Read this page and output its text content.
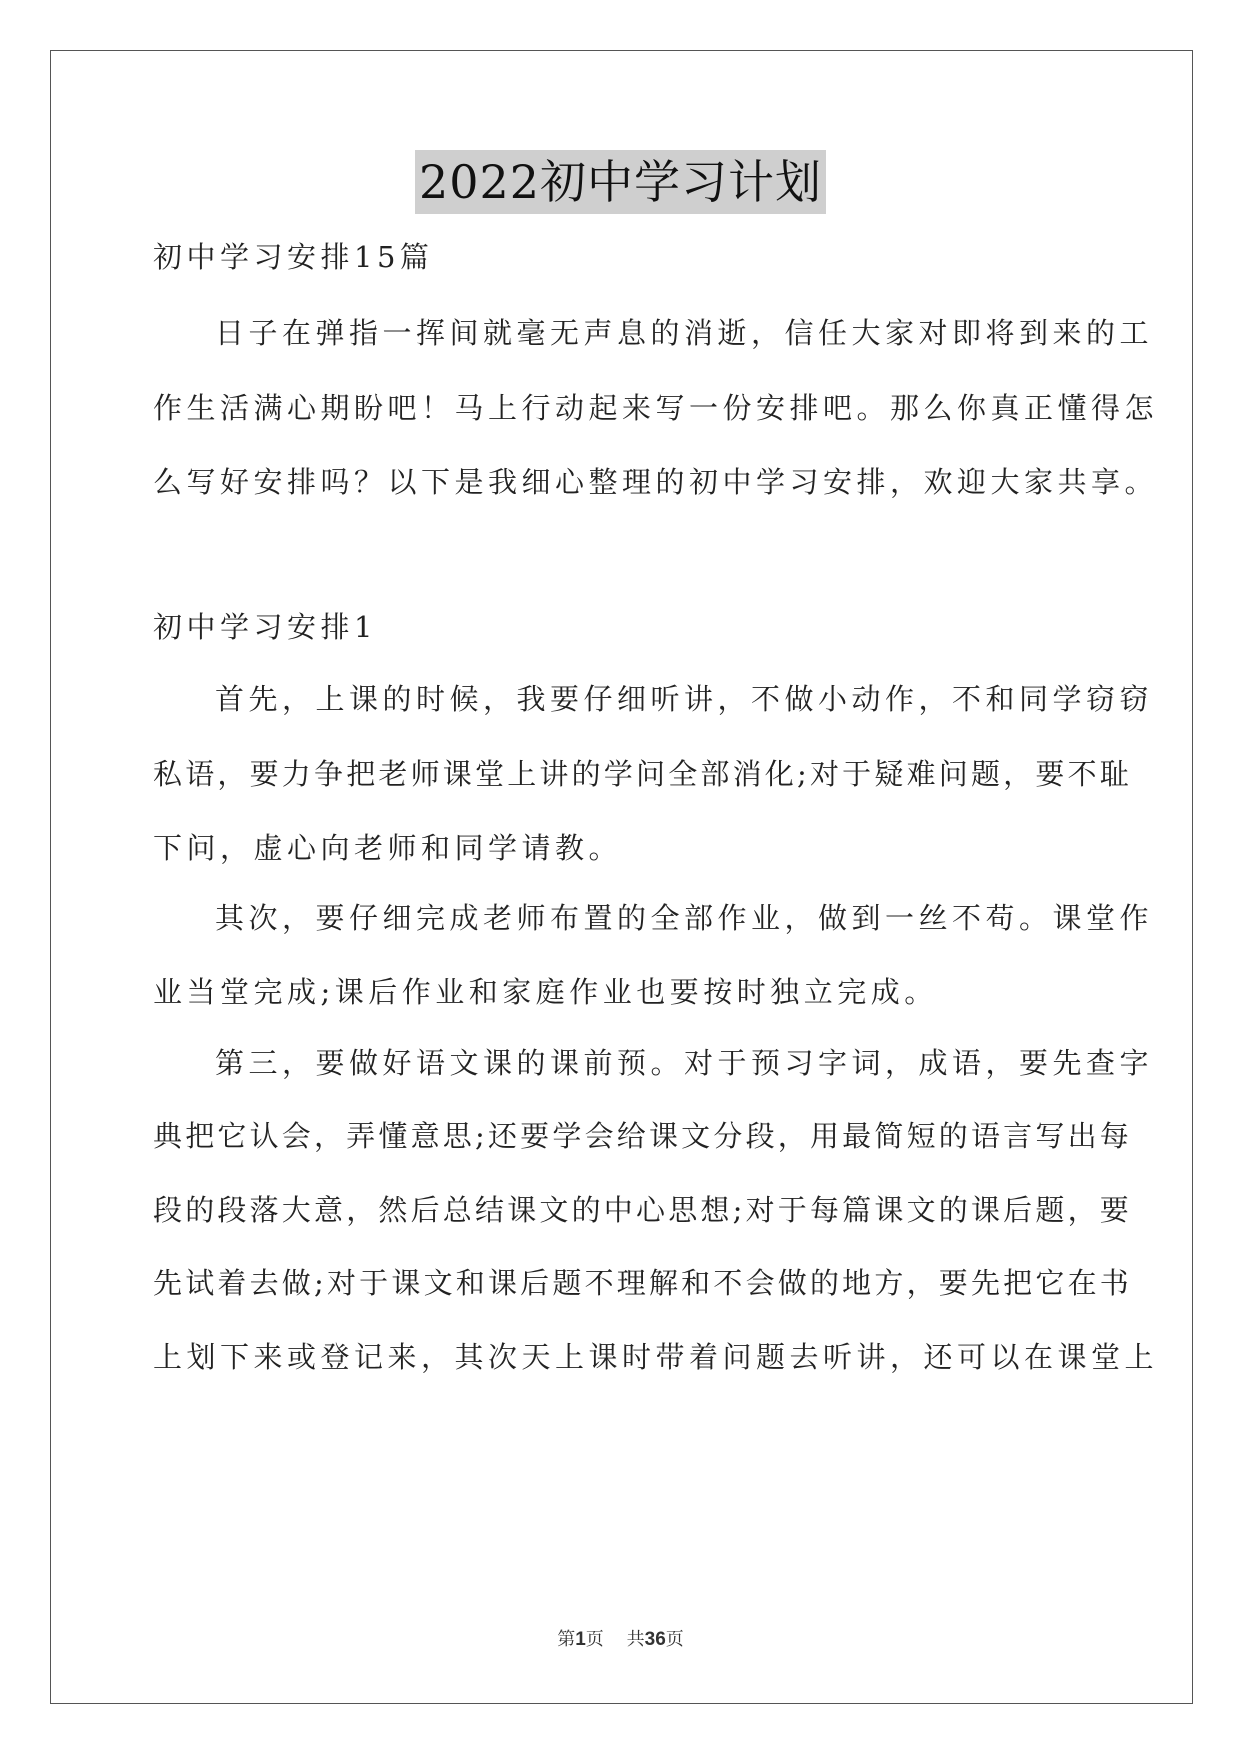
2022初中学习计划
初中学习安排15篇
日子在弹指一挥间就毫无声息的消逝，信任大家对即将到来的工
作生活满心期盼吧！马上行动起来写一份安排吧。那么你真正懂得怎
么写好安排吗？以下是我细心整理的初中学习安排，欢迎大家共享。
初中学习安排1
首先，上课的时候，我要仔细听讲，不做小动作，不和同学窃窃
私语，要力争把老师课堂上讲的学问全部消化;对于疑难问题，要不耻
下问，虚心向老师和同学请教。
其次，要仔细完成老师布置的全部作业，做到一丝不苟。课堂作
业当堂完成;课后作业和家庭作业也要按时独立完成。
第三，要做好语文课的课前预。对于预习字词，成语，要先查字
典把它认会，弄懂意思;还要学会给课文分段，用最简短的语言写出每
段的段落大意，然后总结课文的中心思想;对于每篇课文的课后题，要
先试着去做;对于课文和课后题不理解和不会做的地方，要先把它在书
上划下来或登记来，其次天上课时带着问题去听讲，还可以在课堂上
第1页 共36页
